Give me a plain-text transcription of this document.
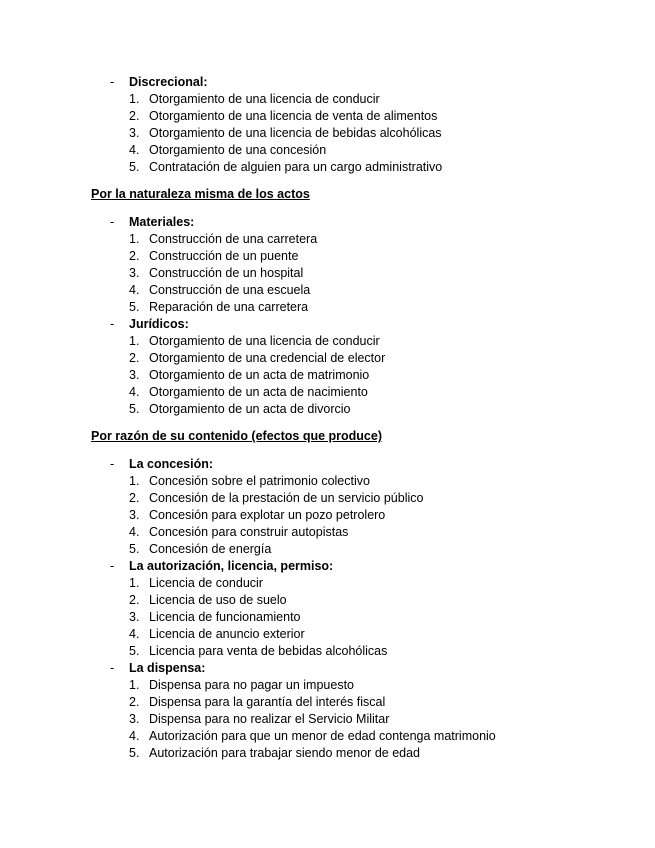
- Discrecional:
1. Otorgamiento de una licencia de conducir
2. Otorgamiento de una licencia de venta de alimentos
3. Otorgamiento de una licencia de bebidas alcohólicas
4. Otorgamiento de una concesión
5. Contratación de alguien para un cargo administrativo
Por la naturaleza misma de los actos
- Materiales:
1. Construcción de una carretera
2. Construcción de un puente
3. Construcción de un hospital
4. Construcción de una escuela
5. Reparación de una carretera
- Jurídicos:
1. Otorgamiento de una licencia de conducir
2. Otorgamiento de una credencial de elector
3. Otorgamiento de un acta de matrimonio
4. Otorgamiento de un acta de nacimiento
5. Otorgamiento de un acta de divorcio
Por razón de su contenido (efectos que produce)
- La concesión:
1. Concesión sobre el patrimonio colectivo
2. Concesión de la prestación de un servicio público
3. Concesión para explotar un pozo petrolero
4. Concesión para construir autopistas
5. Concesión de energía
- La autorización, licencia, permiso:
1. Licencia de conducir
2. Licencia de uso de suelo
3. Licencia de funcionamiento
4. Licencia de anuncio exterior
5. Licencia para venta de bebidas alcohólicas
- La dispensa:
1. Dispensa para no pagar un impuesto
2. Dispensa para la garantía del interés fiscal
3. Dispensa para no realizar el Servicio Militar
4. Autorización para que un menor de edad contenga matrimonio
5. Autorización para trabajar siendo menor de edad
